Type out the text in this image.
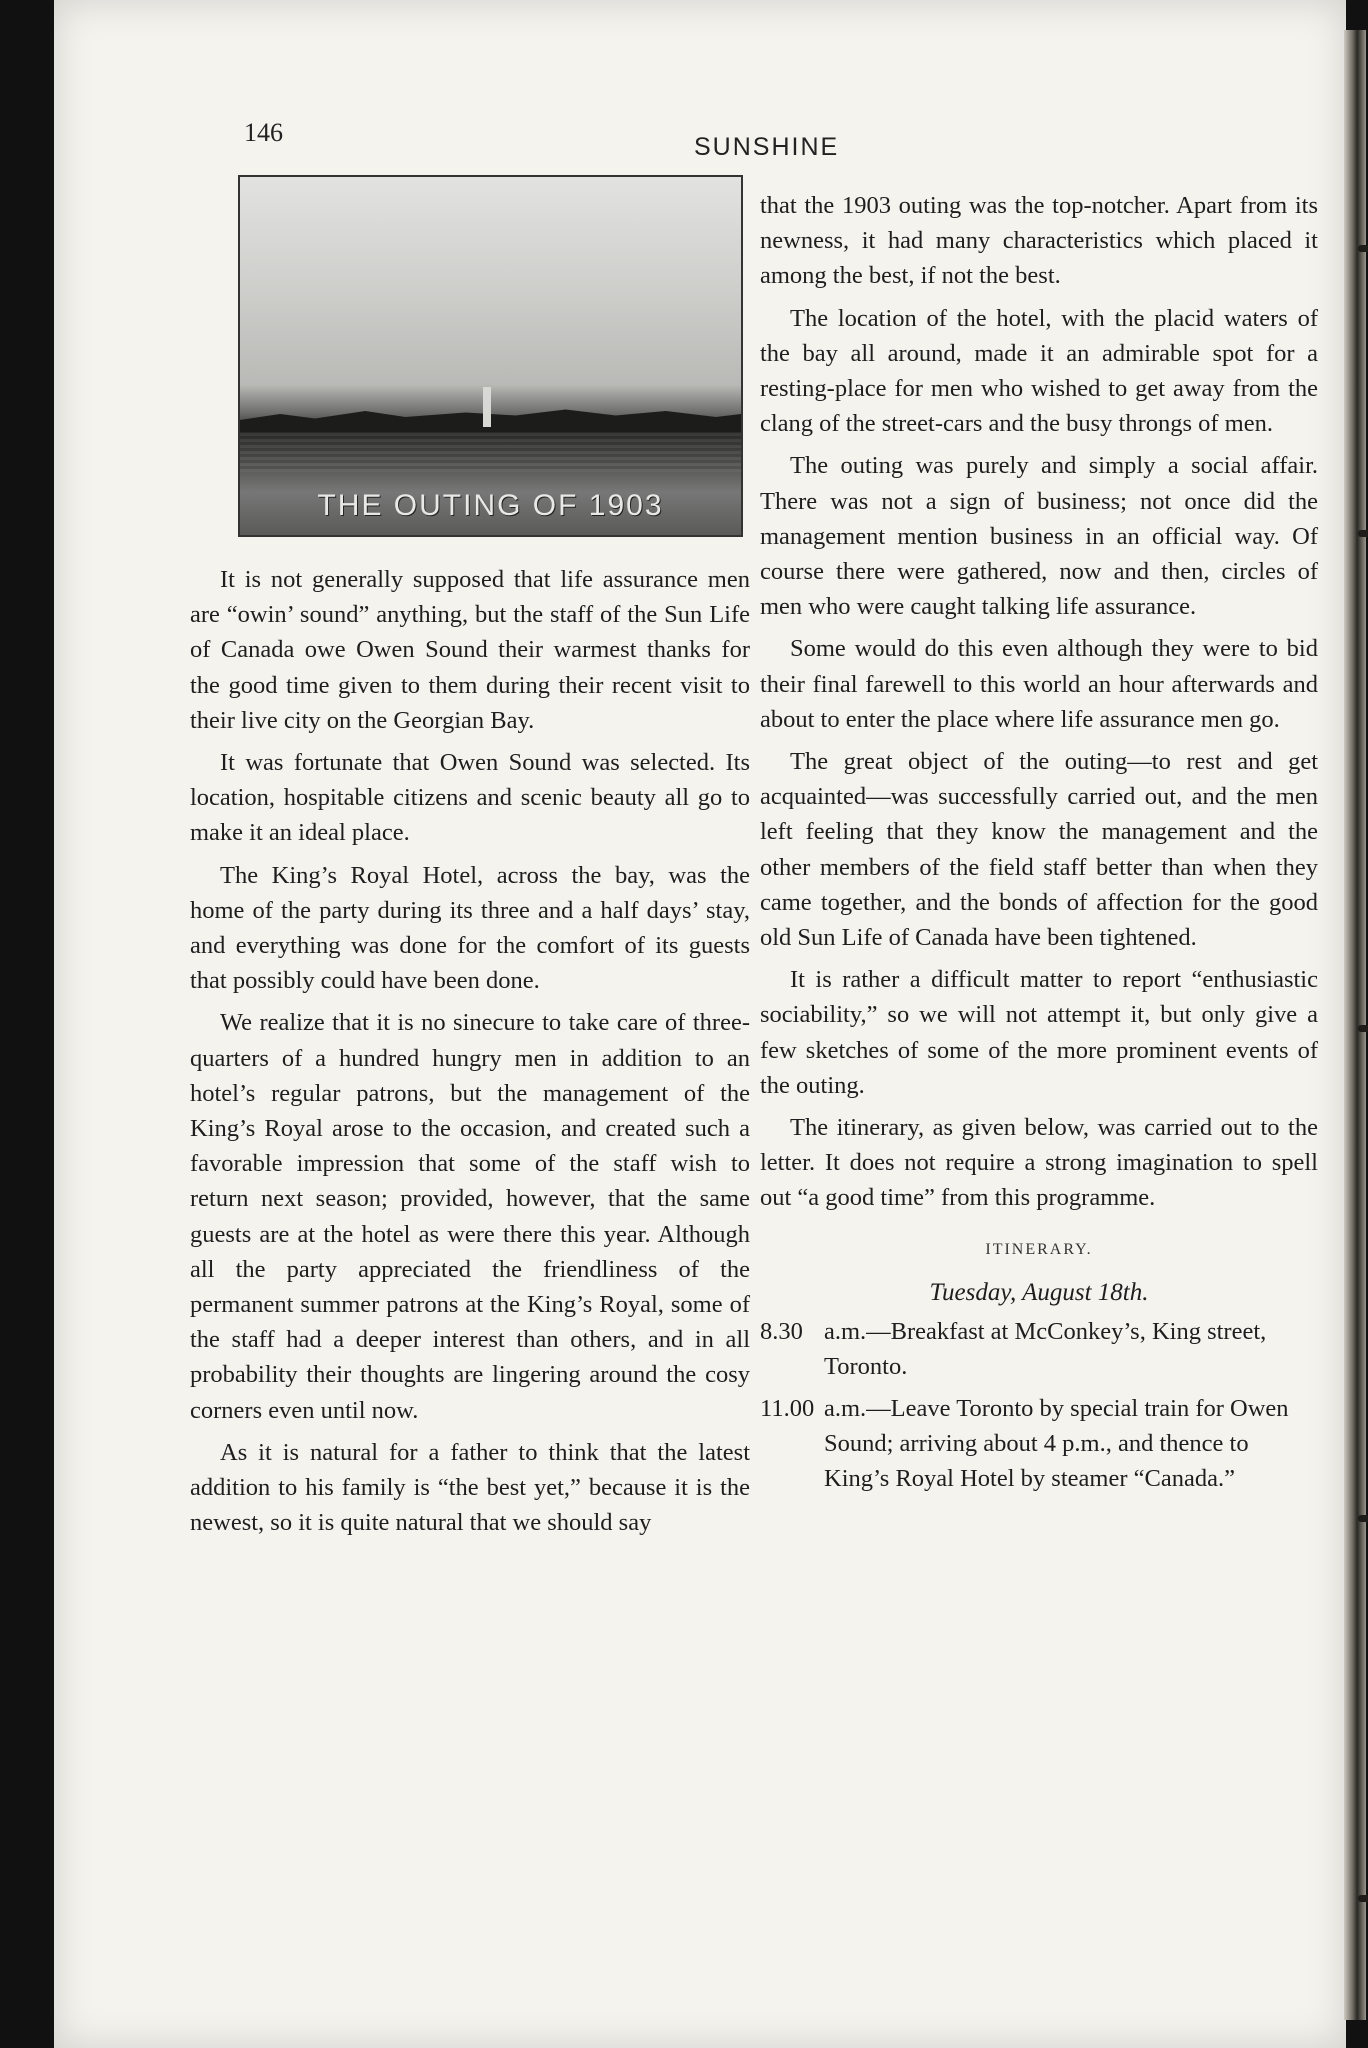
146	SUNSHINE
THE OUTING OF 1903

It is not generally supposed that life assurance men are “owin’ sound” anything, but the staff of the Sun Life of Canada owe Owen Sound their warmest thanks for the good time given to them during their recent visit to their live city on the Georgian Bay.

It was fortunate that Owen Sound was selected. Its location, hospitable citizens and scenic beauty all go to make it an ideal place.

The King’s Royal Hotel, across the bay, was the home of the party during its three and a half days’ stay, and everything was done for the comfort of its guests that possibly could have been done.

We realize that it is no sinecure to take care of three-quarters of a hundred hungry men in addition to an hotel’s regular patrons, but the management of the King’s Royal arose to the occasion, and created such a favorable impression that some of the staff wish to return next season; provided, however, that the same guests are at the hotel as were there this year. Although all the party appreciated the friendliness of the permanent summer patrons at the King’s Royal, some of the staff had a deeper interest than others, and in all probability their thoughts are lingering around the cosy corners even until now.

As it is natural for a father to think that the latest addition to his family is “the best yet,” because it is the newest, so it is quite natural that we should say

that the 1903 outing was the top-notcher. Apart from its newness, it had many characteristics which placed it among the best, if not the best.

The location of the hotel, with the placid waters of the bay all around, made it an admirable spot for a resting-place for men who wished to get away from the clang of the street-cars and the busy throngs of men.

The outing was purely and simply a social affair. There was not a sign of business; not once did the management mention business in an official way. Of course there were gathered, now and then, circles of men who were caught talking life assurance.

Some would do this even although they were to bid their final farewell to this world an hour afterwards and about to enter the place where life assurance men go.

The great object of the outing—to rest and get acquainted—was successfully carried out, and the men left feeling that they know the management and the other members of the field staff better than when they came together, and the bonds of affection for the good old Sun Life of Canada have been tightened.

It is rather a difficult matter to report “enthusiastic sociability,” so we will not attempt it, but only give a few sketches of some of the more prominent events of the outing.

The itinerary, as given below, was carried out to the letter. It does not require a strong imagination to spell out “a good time” from this programme.

ITINERARY.
Tuesday, August 18th.
8.30 a.m.—Breakfast at McConkey’s, King street, Toronto.
11.00 a.m.—Leave Toronto by special train for Owen Sound; arriving about 4 p.m., and thence to King’s Royal Hotel by steamer “Canada.”
